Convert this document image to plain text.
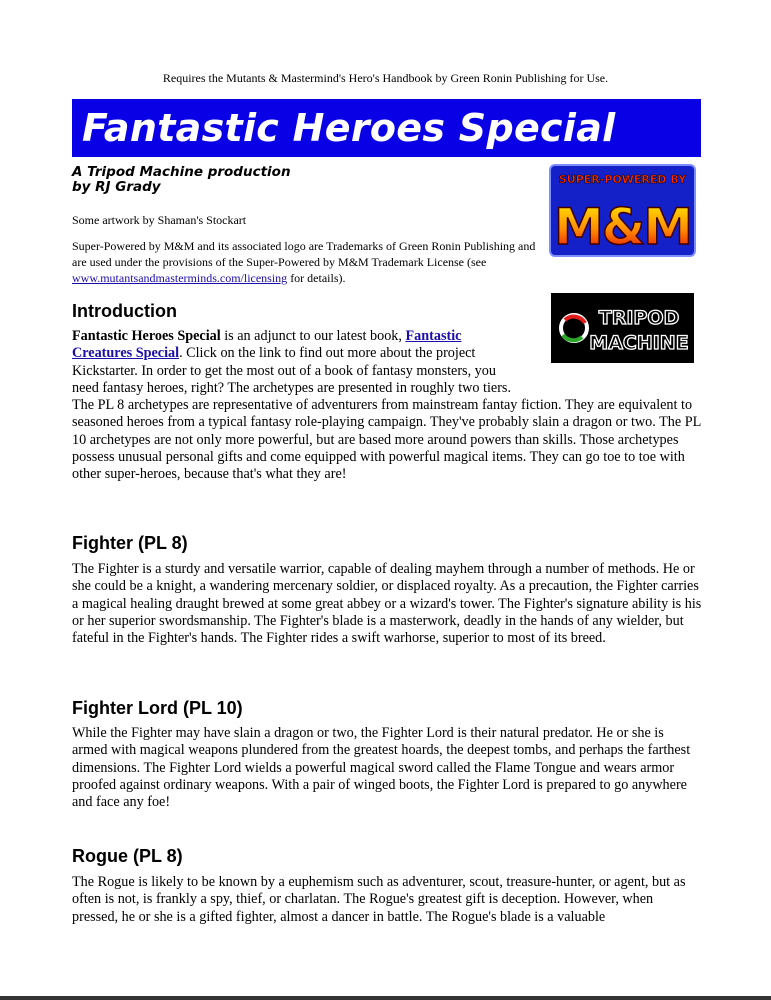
Requires the Mutants & Mastermind's Hero's Handbook by Green Ronin Publishing for Use.
Fantastic Heroes Special
A Tripod Machine production
by RJ Grady	SUPER-POWERED BY
M&M
Some artwork by Shaman's Stockart
Super-Powered by M&M and its associated logo are Trademarks of Green Ronin Publishing and are used under the provisions of the Super-Powered by M&M Trademark License (see www.mutantsandmasterminds.com/licensing for details).
Introduction	TRIPOD
MACHINE

Fantastic Heroes Special is an adjunct to our latest book, Fantastic Creatures Special. Click on the link to find out more about the project Kickstarter. In order to get the most out of a book of fantasy monsters, you need fantasy heroes, right? The archetypes are presented in roughly two tiers. The PL 8 archetypes are representative of adventurers from mainstream fantay fiction. They are equivalent to seasoned heroes from a typical fantasy role-playing campaign. They've probably slain a dragon or two. The PL 10 archetypes are not only more powerful, but are based more around powers than skills. Those archetypes possess unusual personal gifts and come equipped with powerful magical items. They can go toe to toe with other super-heroes, because that's what they are!

Fighter (PL 8)

The Fighter is a sturdy and versatile warrior, capable of dealing mayhem through a number of methods. He or she could be a knight, a wandering mercenary soldier, or displaced royalty. As a precaution, the Fighter carries a magical healing draught brewed at some great abbey or a wizard's tower. The Fighter's signature ability is his or her superior swordsmanship. The Fighter's blade is a masterwork, deadly in the hands of any wielder, but fateful in the Fighter's hands. The Fighter rides a swift warhorse, superior to most of its breed.

Fighter Lord (PL 10)

While the Fighter may have slain a dragon or two, the Fighter Lord is their natural predator. He or she is armed with magical weapons plundered from the greatest hoards, the deepest tombs, and perhaps the farthest dimensions. The Fighter Lord wields a powerful magical sword called the Flame Tongue and wears armor proofed against ordinary weapons. With a pair of winged boots, the Fighter Lord is prepared to go anywhere and face any foe!

Rogue (PL 8)

The Rogue is likely to be known by a euphemism such as adventurer, scout, treasure-hunter, or agent, but as often is not, is frankly a spy, thief, or charlatan. The Rogue's greatest gift is deception. However, when pressed, he or she is a gifted fighter, almost a dancer in battle. The Rogue's blade is a valuable
